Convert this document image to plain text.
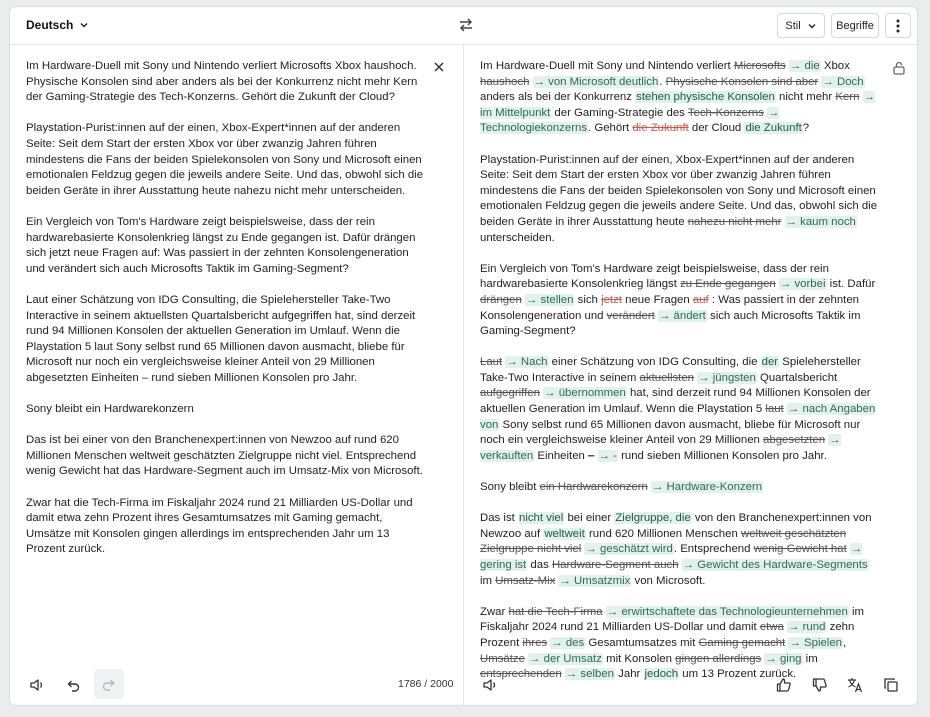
Deutsch	Stil	Begriffe

Im Hardware-Duell mit Sony und Nintendo verliert Microsofts Xbox haushoch. Physische Konsolen sind aber anders als bei der Konkurrenz nicht mehr Kern der Gaming-Strategie des Tech-Konzerns. Gehört die Zukunft der Cloud?

Playstation-Purist:innen auf der einen, Xbox-Expert*innen auf der anderen Seite: Seit dem Start der ersten Xbox vor über zwanzig Jahren führen mindestens die Fans der beiden Spielekonsolen von Sony und Microsoft einen emotionalen Feldzug gegen die jeweils andere Seite. Und das, obwohl sich die beiden Geräte in ihrer Ausstattung heute nahezu nicht mehr unterscheiden.

Ein Vergleich von Tom's Hardware zeigt beispielsweise, dass der rein hardwarebasierte Konsolenkrieg längst zu Ende gegangen ist. Dafür drängen sich jetzt neue Fragen auf: Was passiert in der zehnten Konsolengeneration und verändert sich auch Microsofts Taktik im Gaming-Segment?

Laut einer Schätzung von IDG Consulting, die Spielehersteller Take-Two Interactive in seinem aktuellsten Quartalsbericht aufgegriffen hat, sind derzeit rund 94 Millionen Konsolen der aktuellen Generation im Umlauf. Wenn die Playstation 5 laut Sony selbst rund 65 Millionen davon ausmacht, bliebe für Microsoft nur noch ein vergleichsweise kleiner Anteil von 29 Millionen abgesetzten Einheiten – rund sieben Millionen Konsolen pro Jahr.

Sony bleibt ein Hardwarekonzern

Das ist bei einer von den Branchenexpert:innen von Newzoo auf rund 620 Millionen Menschen weltweit geschätzten Zielgruppe nicht viel. Entsprechend wenig Gewicht hat das Hardware-Segment auch im Umsatz-Mix von Microsoft.

Zwar hat die Tech-Firma im Fiskaljahr 2024 rund 21 Milliarden US-Dollar und damit etwa zehn Prozent ihres Gesamtumsatzes mit Gaming gemacht, Umsätze mit Konsolen gingen allerdings im entsprechenden Jahr um 13 Prozent zurück.

Im Hardware-Duell mit Sony und Nintendo verliert Microsofts → die Xbox haushoch → von Microsoft deutlich. Physische Konsolen sind aber → Doch anders als bei der Konkurrenz stehen physische Konsolen nicht mehr Kern → im Mittelpunkt der Gaming-Strategie des Tech-Konzerns → Technologiekonzerns. Gehört die Zukunft der Cloud die Zukunft?

Playstation-Purist:innen auf der einen, Xbox-Expert*innen auf der anderen Seite: Seit dem Start der ersten Xbox vor über zwanzig Jahren führen mindestens die Fans der beiden Spielekonsolen von Sony und Microsoft einen emotionalen Feldzug gegen die jeweils andere Seite. Und das, obwohl sich die beiden Geräte in ihrer Ausstattung heute nahezu nicht mehr → kaum noch unterscheiden.

Ein Vergleich von Tom's Hardware zeigt beispielsweise, dass der rein hardwarebasierte Konsolenkrieg längst zu Ende gegangen → vorbei ist. Dafür drängen → stellen sich jetzt neue Fragen auf : Was passiert in der zehnten Konsolengeneration und verändert → ändert sich auch Microsofts Taktik im Gaming-Segment?

Laut → Nach einer Schätzung von IDG Consulting, die der Spielehersteller Take-Two Interactive in seinem aktuellsten → jüngsten Quartalsbericht aufgegriffen → übernommen hat, sind derzeit rund 94 Millionen Konsolen der aktuellen Generation im Umlauf. Wenn die Playstation 5 laut → nach Angaben von Sony selbst rund 65 Millionen davon ausmacht, bliebe für Microsoft nur noch ein vergleichsweise kleiner Anteil von 29 Millionen abgesetzten → verkauften Einheiten – → - rund sieben Millionen Konsolen pro Jahr.

Sony bleibt ein Hardwarekonzern → Hardware-Konzern

Das ist nicht viel bei einer Zielgruppe, die von den Branchenexpert:innen von Newzoo auf weltweit rund 620 Millionen Menschen weltweit geschätzten Zielgruppe nicht viel → geschätzt wird. Entsprechend wenig Gewicht hat → gering ist das Hardware-Segment auch → Gewicht des Hardware-Segments im Umsatz-Mix → Umsatzmix von Microsoft.

Zwar hat die Tech-Firma → erwirtschaftete das Technologieunternehmen im Fiskaljahr 2024 rund 21 Milliarden US-Dollar und damit etwa → rund zehn Prozent ihres → des Gesamtumsatzes mit Gaming gemacht → Spielen, Umsätze → der Umsatz mit Konsolen gingen allerdings → ging im entsprechenden → selben Jahr jedoch um 13 Prozent zurück.

1786 / 2000
